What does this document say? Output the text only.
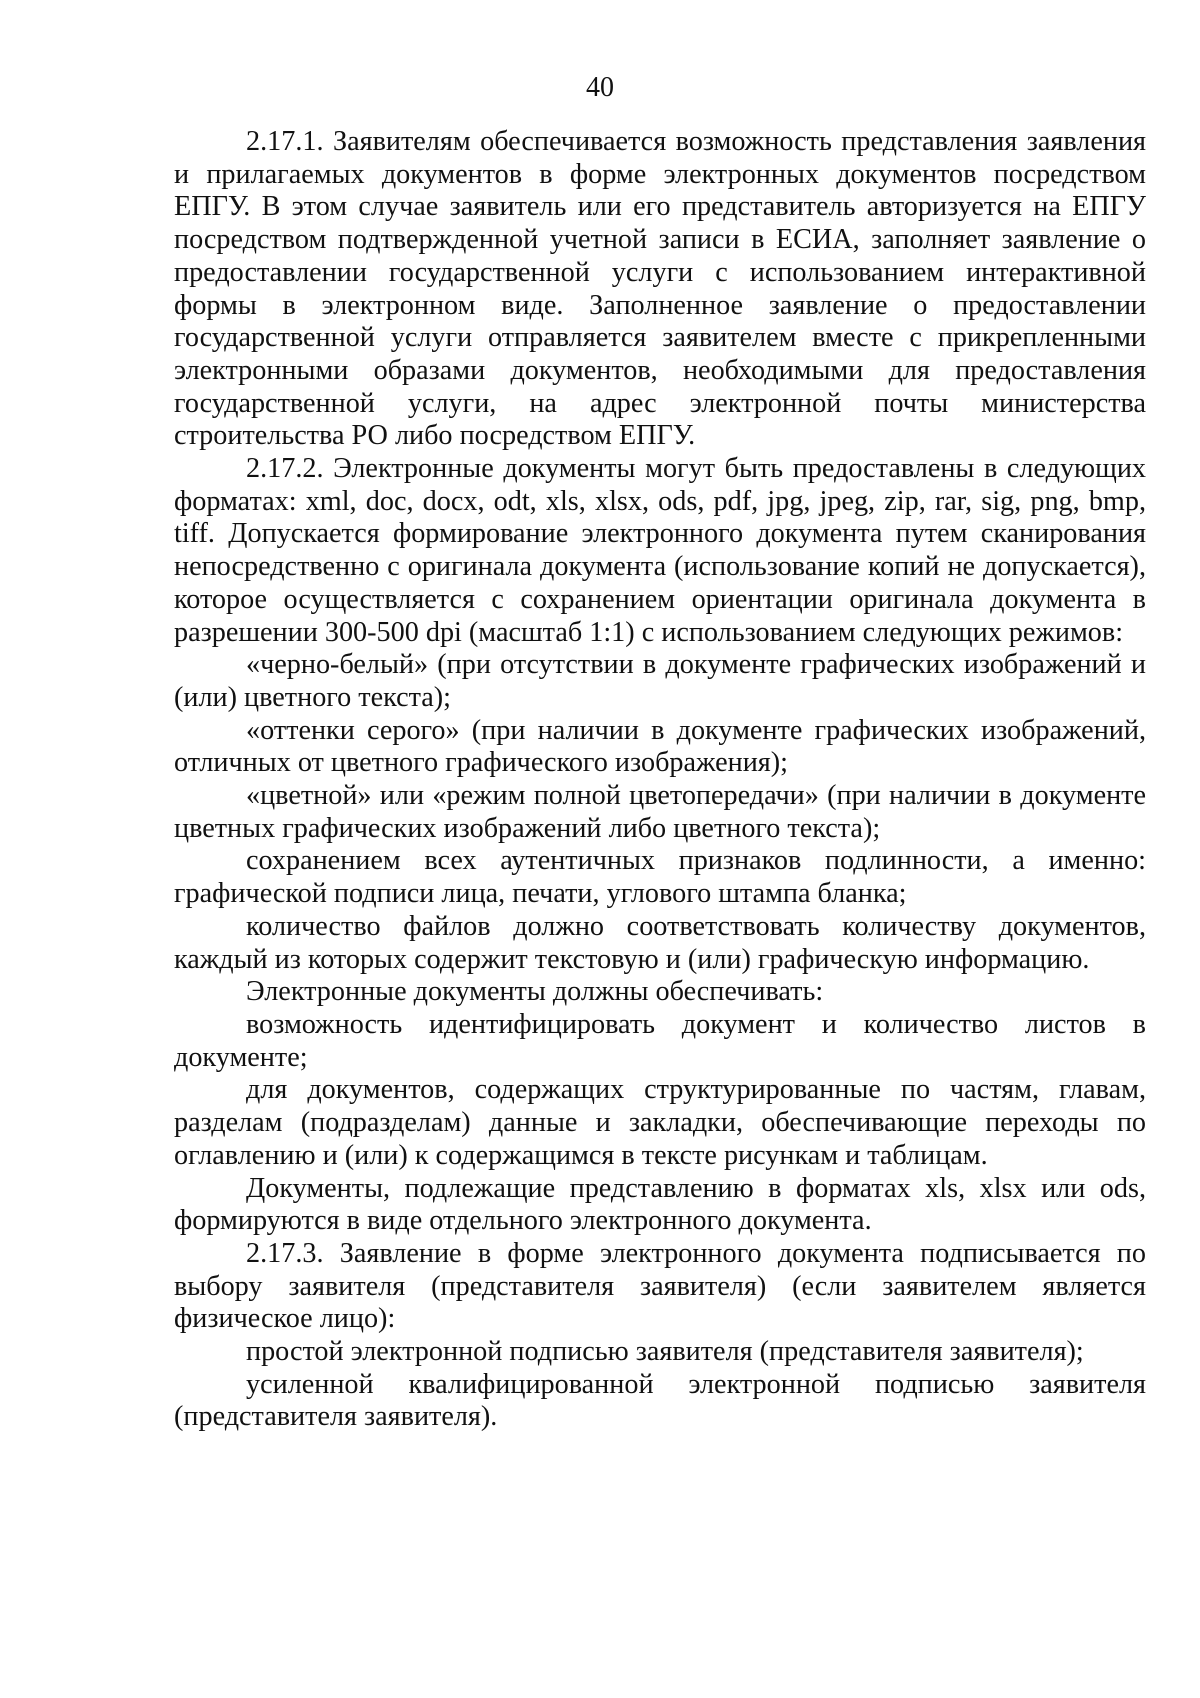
40

2.17.1. Заявителям обеспечивается возможность представления заявления и прилагаемых документов в форме электронных документов посредством ЕПГУ. В этом случае заявитель или его представитель авторизуется на ЕПГУ посредством подтвержденной учетной записи в ЕСИА, заполняет заявление о предоставлении государственной услуги с использованием интерактивной формы в электронном виде. Заполненное заявление о предоставлении государственной услуги отправляется заявителем вместе с прикрепленными электронными образами документов, необходимыми для предоставления государственной услуги, на адрес электронной почты министерства строительства РО либо посредством ЕПГУ.

2.17.2. Электронные документы могут быть предоставлены в следующих форматах: xml, doc, docx, odt, xls, xlsx, ods, pdf, jpg, jpeg, zip, rar, sig, png, bmp, tiff. Допускается формирование электронного документа путем сканирования непосредственно с оригинала документа (использование копий не допускается), которое осуществляется с сохранением ориентации оригинала документа в разрешении 300-500 dpi (масштаб 1:1) с использованием следующих режимов:

«черно-белый» (при отсутствии в документе графических изображений и (или) цветного текста);

«оттенки серого» (при наличии в документе графических изображений, отличных от цветного графического изображения);

«цветной» или «режим полной цветопередачи» (при наличии в документе цветных графических изображений либо цветного текста);

сохранением всех аутентичных признаков подлинности, а именно: графической подписи лица, печати, углового штампа бланка;

количество файлов должно соответствовать количеству документов, каждый из которых содержит текстовую и (или) графическую информацию.

Электронные документы должны обеспечивать:

возможность идентифицировать документ и количество листов в документе;

для документов, содержащих структурированные по частям, главам, разделам (подразделам) данные и закладки, обеспечивающие переходы по оглавлению и (или) к содержащимся в тексте рисункам и таблицам.

Документы, подлежащие представлению в форматах xls, xlsx или ods, формируются в виде отдельного электронного документа.

2.17.3. Заявление в форме электронного документа подписывается по выбору заявителя (представителя заявителя) (если заявителем является физическое лицо):

простой электронной подписью заявителя (представителя заявителя);

усиленной квалифицированной электронной подписью заявителя (представителя заявителя).
